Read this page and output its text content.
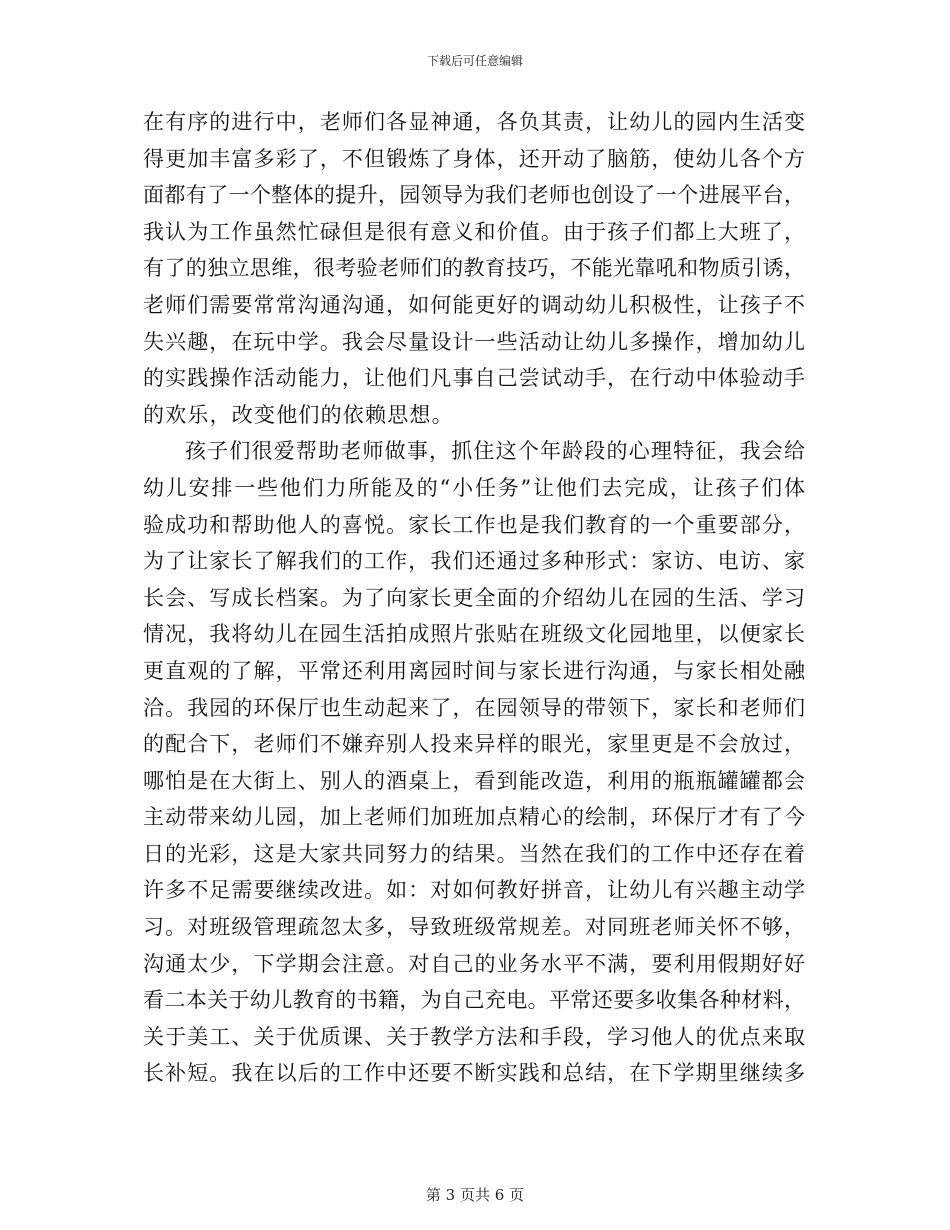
下载后可任意编辑
在有序的进行中，老师们各显神通，各负其责，让幼儿的园内生活变
得更加丰富多彩了，不但锻炼了身体，还开动了脑筋，使幼儿各个方
面都有了一个整体的提升，园领导为我们老师也创设了一个进展平台，
我认为工作虽然忙碌但是很有意义和价值。由于孩子们都上大班了，
有了的独立思维，很考验老师们的教育技巧，不能光靠吼和物质引诱，
老师们需要常常沟通沟通，如何能更好的调动幼儿积极性，让孩子不
失兴趣，在玩中学。我会尽量设计一些活动让幼儿多操作，增加幼儿
的实践操作活动能力，让他们凡事自己尝试动手，在行动中体验动手
的欢乐，改变他们的依赖思想。
孩子们很爱帮助老师做事，抓住这个年龄段的心理特征，我会给
幼儿安排一些他们力所能及的“小任务”让他们去完成，让孩子们体
验成功和帮助他人的喜悦。家长工作也是我们教育的一个重要部分，
为了让家长了解我们的工作，我们还通过多种形式：家访、电访、家
长会、写成长档案。为了向家长更全面的介绍幼儿在园的生活、学习
情况，我将幼儿在园生活拍成照片张贴在班级文化园地里，以便家长
更直观的了解，平常还利用离园时间与家长进行沟通，与家长相处融
洽。我园的环保厅也生动起来了，在园领导的带领下，家长和老师们
的配合下，老师们不嫌弃别人投来异样的眼光，家里更是不会放过，
哪怕是在大街上、别人的酒桌上，看到能改造，利用的瓶瓶罐罐都会
主动带来幼儿园，加上老师们加班加点精心的绘制，环保厅才有了今
日的光彩，这是大家共同努力的结果。当然在我们的工作中还存在着
许多不足需要继续改进。如：对如何教好拼音，让幼儿有兴趣主动学
习。对班级管理疏忽太多，导致班级常规差。对同班老师关怀不够，
沟通太少，下学期会注意。对自己的业务水平不满，要利用假期好好
看二本关于幼儿教育的书籍，为自己充电。平常还要多收集各种材料，
关于美工、关于优质课、关于教学方法和手段，学习他人的优点来取
长补短。我在以后的工作中还要不断实践和总结，在下学期里继续多
第 3 页共 6 页
